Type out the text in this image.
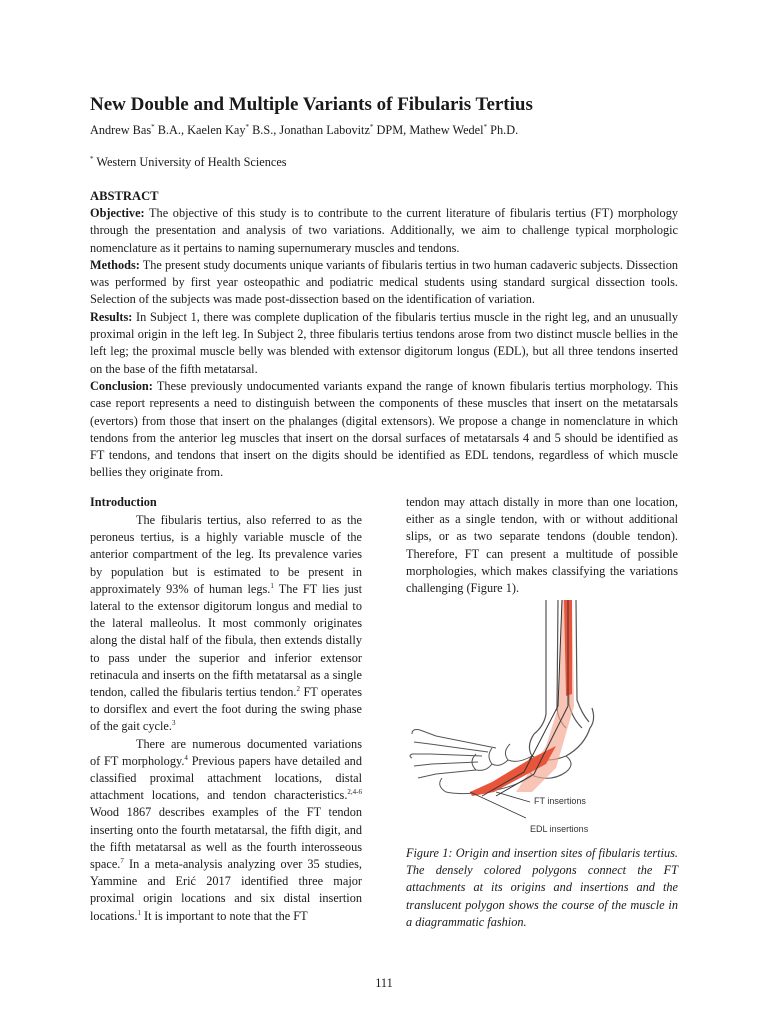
New Double and Multiple Variants of Fibularis Tertius

Andrew Bas* B.A., Kaelen Kay* B.S., Jonathan Labovitz* DPM, Mathew Wedel* Ph.D.

* Western University of Health Sciences

ABSTRACT

Objective: The objective of this study is to contribute to the current literature of fibularis tertius (FT) morphology through the presentation and analysis of two variations. Additionally, we aim to challenge typical morphologic nomenclature as it pertains to naming supernumerary muscles and tendons.

Methods: The present study documents unique variants of fibularis tertius in two human cadaveric subjects. Dissection was performed by first year osteopathic and podiatric medical students using standard surgical dissection tools. Selection of the subjects was made post-dissection based on the identification of variation.

Results: In Subject 1, there was complete duplication of the fibularis tertius muscle in the right leg, and an unusually proximal origin in the left leg. In Subject 2, three fibularis tertius tendons arose from two distinct muscle bellies in the left leg; the proximal muscle belly was blended with extensor digitorum longus (EDL), but all three tendons inserted on the base of the fifth metatarsal.

Conclusion: These previously undocumented variants expand the range of known fibularis tertius morphology. This case report represents a need to distinguish between the components of these muscles that insert on the metatarsals (evertors) from those that insert on the phalanges (digital extensors). We propose a change in nomenclature in which tendons from the anterior leg muscles that insert on the dorsal surfaces of metatarsals 4 and 5 should be identified as FT tendons, and tendons that insert on the digits should be identified as EDL tendons, regardless of which muscle bellies they originate from.

Introduction

The fibularis tertius, also referred to as the peroneus tertius, is a highly variable muscle of the anterior compartment of the leg. Its prevalence varies by population but is estimated to be present in approximately 93% of human legs.$^1$ The FT lies just lateral to the extensor digitorum longus and medial to the lateral malleolus. It most commonly originates along the distal half of the fibula, then extends distally to pass under the superior and inferior extensor retinacula and inserts on the fifth metatarsal as a single tendon, called the fibularis tertius tendon.$^2$ FT operates to dorsiflex and evert the foot during the swing phase of the gait cycle.$^3$

There are numerous documented variations of FT morphology.$^4$ Previous papers have detailed and classified proximal attachment locations, distal attachment locations, and tendon characteristics.$^{2,4-6}$ Wood 1867 describes examples of the FT tendon inserting onto the fourth metatarsal, the fifth digit, and the fifth metatarsal as well as the fourth interosseous space.$^7$ In a meta-analysis analyzing over 35 studies, Yammine and Erić 2017 identified three major proximal origin locations and six distal insertion locations.$^1$ It is important to note that the FT

tendon may attach distally in more than one location, either as a single tendon, with or without additional slips, or as two separate tendons (double tendon). Therefore, FT can present a multitude of possible morphologies, which makes classifying the variations challenging (Figure 1).

FT insertions
EDL insertions
Figure 1: Origin and insertion sites of fibularis tertius. The densely colored polygons connect the FT attachments at its origins and insertions and the translucent polygon shows the course of the muscle in a diagrammatic fashion.
111
